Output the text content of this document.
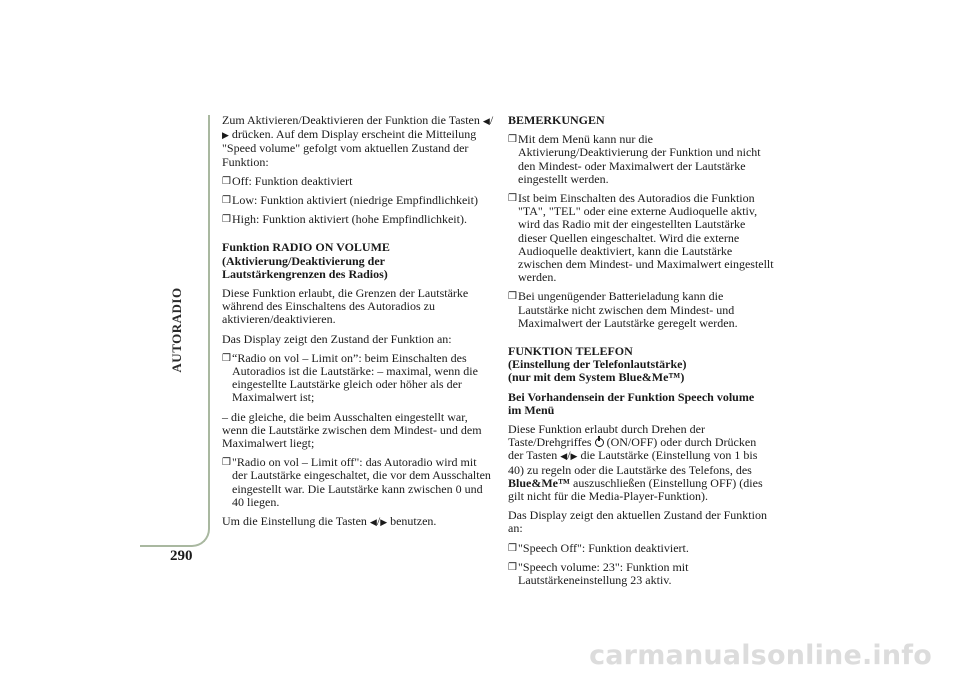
AUTORADIO
290

Zum Aktivieren/Deaktivieren der Funktion die Tasten ◀/▶ drücken. Auf dem Display erscheint die Mitteilung "Speed volume" gefolgt vom aktuellen Zustand der Funktion:

❒ Off: Funktion deaktiviert
❒ Low: Funktion aktiviert (niedrige Empfindlichkeit)
❒ High: Funktion aktiviert (hohe Empfindlichkeit).
Funktion RADIO ON VOLUME
(Aktivierung/Deaktivierung der
Lautstärkengrenzen des Radios)

Diese Funktion erlaubt, die Grenzen der Lautstärke während des Einschaltens des Autoradios zu aktivieren/deaktivieren.

Das Display zeigt den Zustand der Funktion an:

❒ “Radio on vol – Limit on”: beim Einschalten des Autoradios ist die Lautstärke: – maximal, wenn die eingestellte Lautstärke gleich oder höher als der Maximalwert ist;

– die gleiche, die beim Ausschalten eingestellt war, wenn die Lautstärke zwischen dem Mindest- und dem Maximalwert liegt;

❒ "Radio on vol – Limit off": das Autoradio wird mit der Lautstärke eingeschaltet, die vor dem Ausschalten eingestellt war. Die Lautstärke kann zwischen 0 und 40 liegen.

Um die Einstellung die Tasten ◀/▶ benutzen.

BEMERKUNGEN
❒ Mit dem Menü kann nur die Aktivierung/Deaktivierung der Funktion und nicht den Mindest- oder Maximalwert der Lautstärke eingestellt werden.
❒ Ist beim Einschalten des Autoradios die Funktion "TA", "TEL" oder eine externe Audioquelle aktiv, wird das Radio mit der eingestellten Lautstärke dieser Quellen eingeschaltet. Wird die externe Audioquelle deaktiviert, kann die Lautstärke zwischen dem Mindest- und Maximalwert eingestellt werden.
❒ Bei ungenügender Batterieladung kann die Lautstärke nicht zwischen dem Mindest- und Maximalwert der Lautstärke geregelt werden.
FUNKTION TELEFON
(Einstellung der Telefonlautstärke)
(nur mit dem System Blue&Me™)
Bei Vorhandensein der Funktion Speech volume
im Menü

Diese Funktion erlaubt durch Drehen der Taste/Drehgriffes (ON/OFF) oder durch Drücken der Tasten ◀/▶ die Lautstärke (Einstellung von 1 bis 40) zu regeln oder die Lautstärke des Telefons, des Blue&Me™ auszuschließen (Einstellung OFF) (dies gilt nicht für die Media-Player-Funktion).

Das Display zeigt den aktuellen Zustand der Funktion an:

❒ "Speech Off": Funktion deaktiviert.
❒ "Speech volume: 23": Funktion mit Lautstärkeneinstellung 23 aktiv.
carmanualsonline.info
